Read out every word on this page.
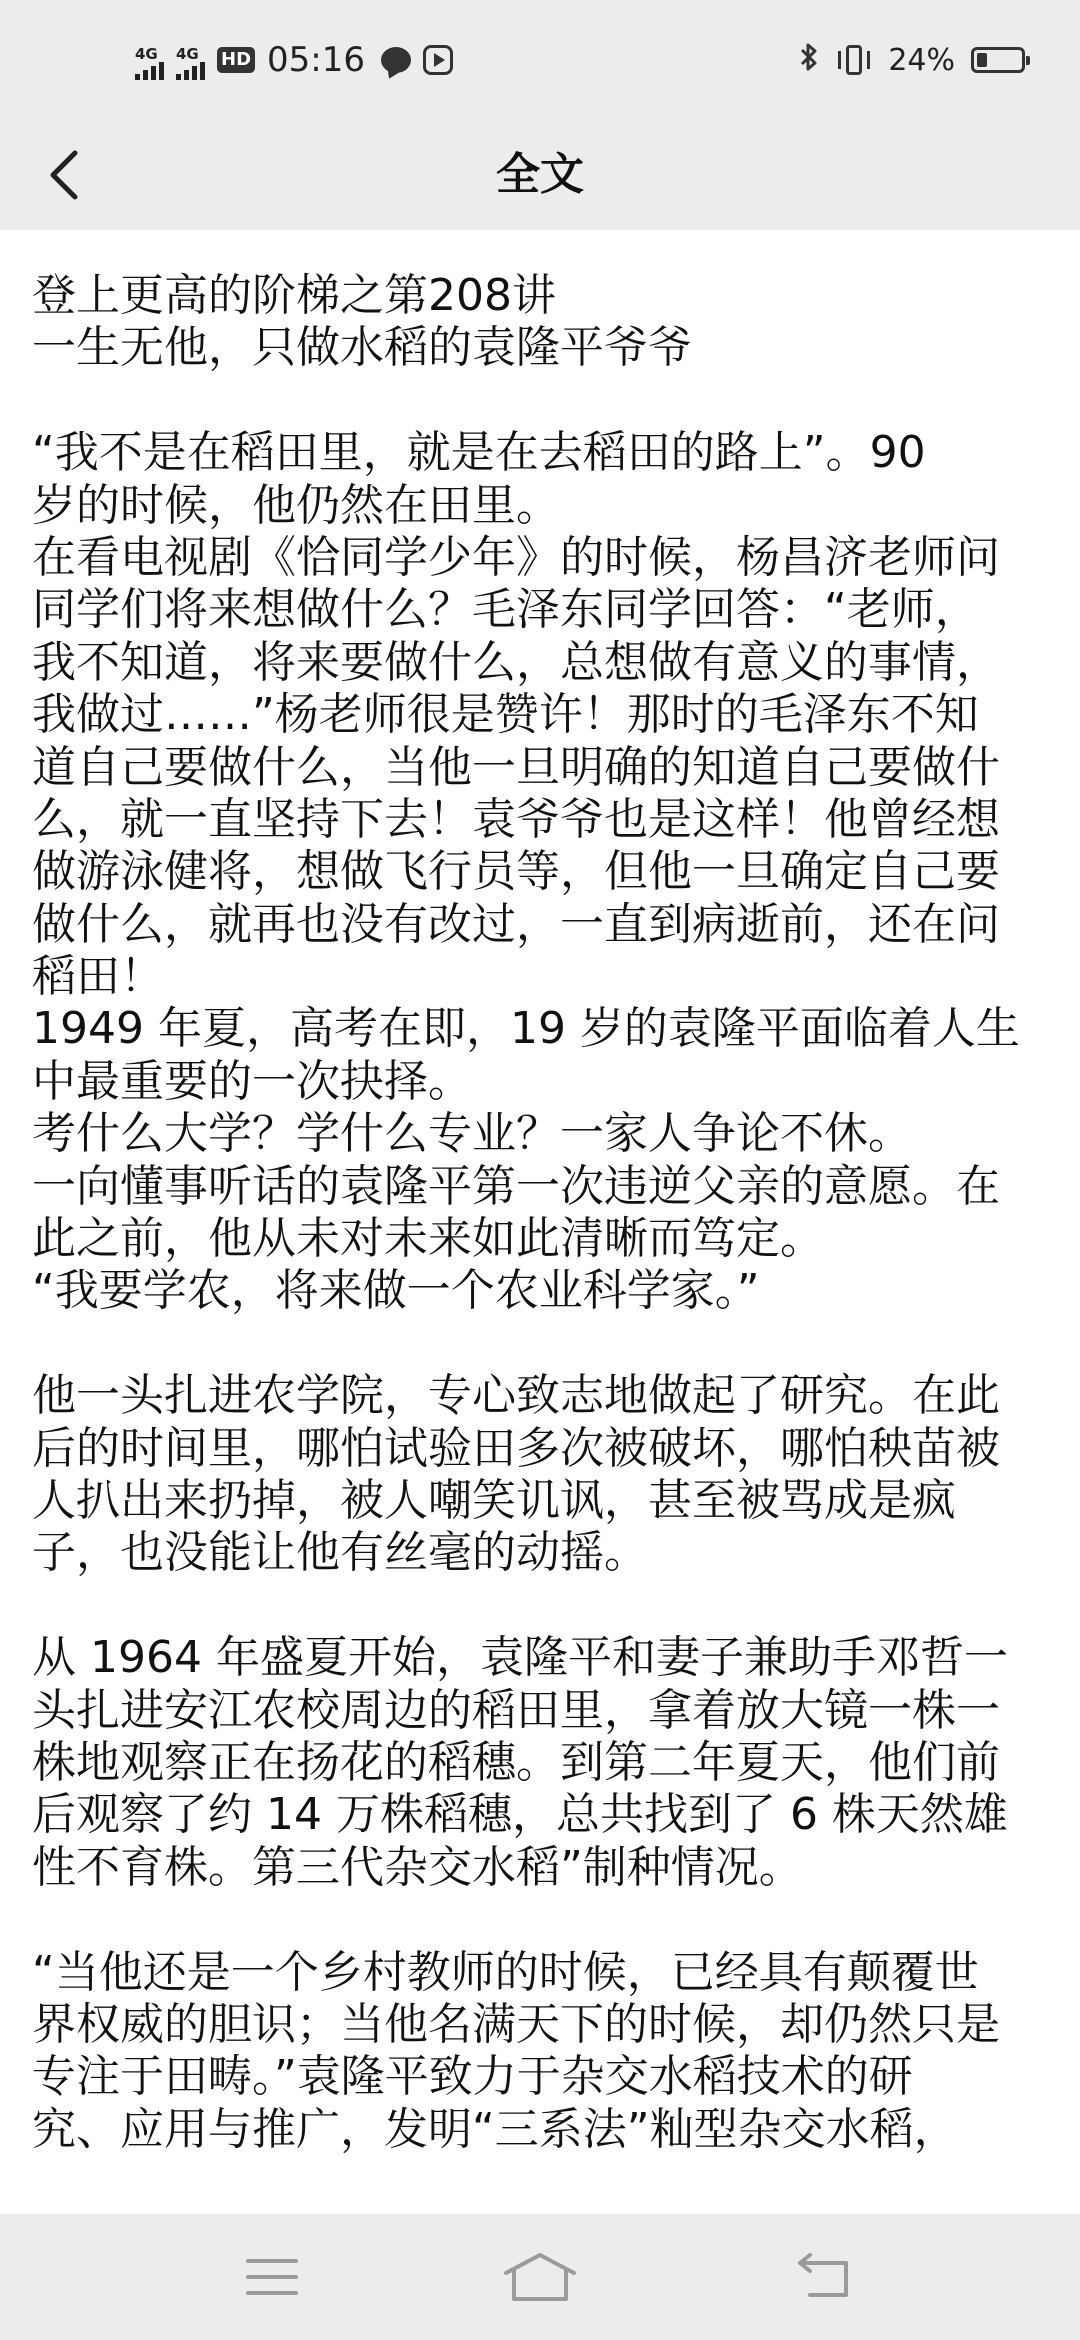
4G 4G HD 05:16	24%
全文
登上更高的阶梯之第208讲
一生无他，只做水稻的袁隆平爷爷
“我不是在稻田里，就是在去稻田的路上”。90
岁的时候，他仍然在田里。
在看电视剧《恰同学少年》的时候，杨昌济老师问
同学们将来想做什么？毛泽东同学回答：“老师，
我不知道，将来要做什么，总想做有意义的事情，
我做过……”杨老师很是赞许！那时的毛泽东不知
道自己要做什么，当他一旦明确的知道自己要做什
么，就一直坚持下去！袁爷爷也是这样！他曾经想
做游泳健将，想做飞行员等，但他一旦确定自己要
做什么，就再也没有改过，一直到病逝前，还在问
稻田！
1949 年夏，高考在即，19 岁的袁隆平面临着人生
中最重要的一次抉择。
考什么大学？学什么专业？一家人争论不休。
一向懂事听话的袁隆平第一次违逆父亲的意愿。在
此之前，他从未对未来如此清晰而笃定。
“我要学农，将来做一个农业科学家。”
他一头扎进农学院，专心致志地做起了研究。在此
后的时间里，哪怕试验田多次被破坏，哪怕秧苗被
人扒出来扔掉，被人嘲笑讥讽，甚至被骂成是疯
子，也没能让他有丝毫的动摇。
从 1964 年盛夏开始，袁隆平和妻子兼助手邓哲一
头扎进安江农校周边的稻田里，拿着放大镜一株一
株地观察正在扬花的稻穗。到第二年夏天，他们前
后观察了约 14 万株稻穗，总共找到了 6 株天然雄
性不育株。第三代杂交水稻”制种情况。
“当他还是一个乡村教师的时候，已经具有颠覆世
界权威的胆识；当他名满天下的时候，却仍然只是
专注于田畴。”袁隆平致力于杂交水稻技术的研
究、应用与推广，发明“三系法”籼型杂交水稻，
